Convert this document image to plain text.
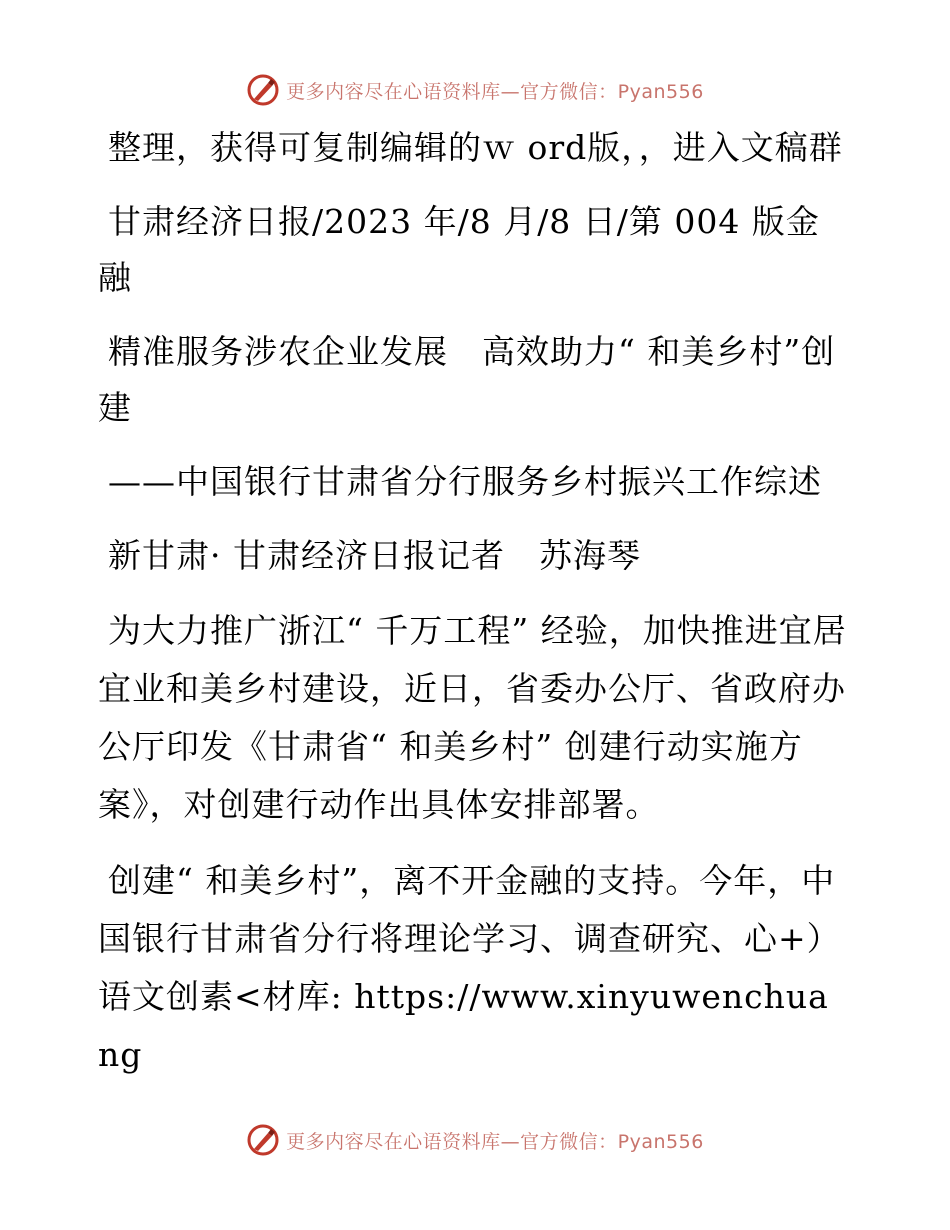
更多内容尽在心语资料库—官方微信：Pyan556

整理，获得可复制编辑的ｗ ord版，，进入文稿群

甘肃经济日报/2023 年/8 月/8 日/第 004 版金融

精准服务涉农企业发展　高效助力“ 和美乡村”创建

——中国银行甘肃省分行服务乡村振兴工作综述

新甘肃· 甘肃经济日报记者　苏海琴

为大力推广浙江“ 千万工程” 经验，加快推进宜居宜业和美乡村建设，近日，省委办公厅、省政府办公厅印发《甘肃省“ 和美乡村” 创建行动实施方案》，对创建行动作出具体安排部署。

创建“ 和美乡村”，离不开金融的支持。今年，中国银行甘肃省分行将理论学习、调查研究、心+）语文创素<材库: https://www.xinyuwenchuang

更多内容尽在心语资料库—官方微信：Pyan556
